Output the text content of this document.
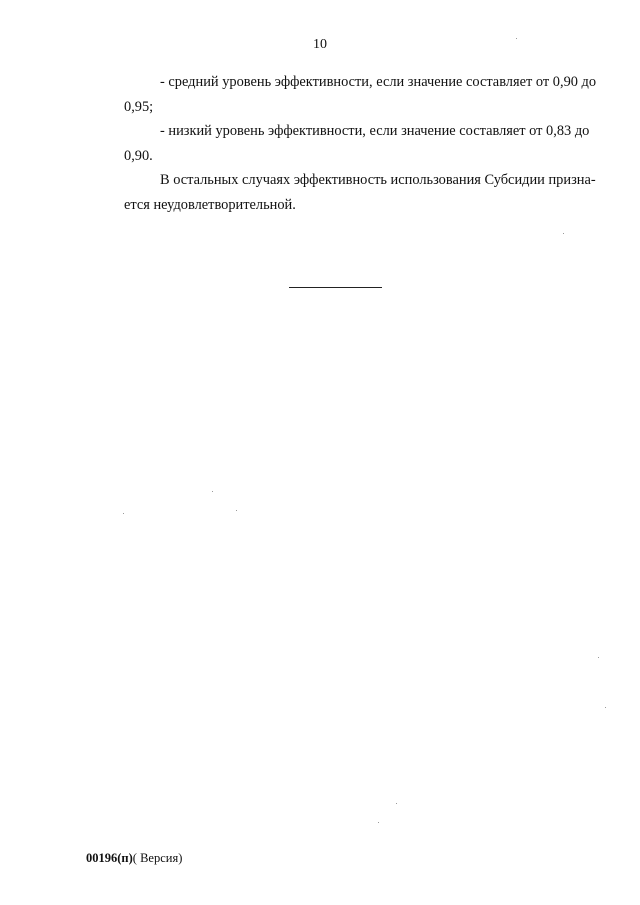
10
- средний уровень эффективности, если значение составляет от 0,90 до
0,95;
- низкий уровень эффективности, если значение составляет от 0,83 до
0,90.
В остальных случаях эффективность использования Субсидии призна-
ется неудовлетворительной.
00196(п)( Версия)
